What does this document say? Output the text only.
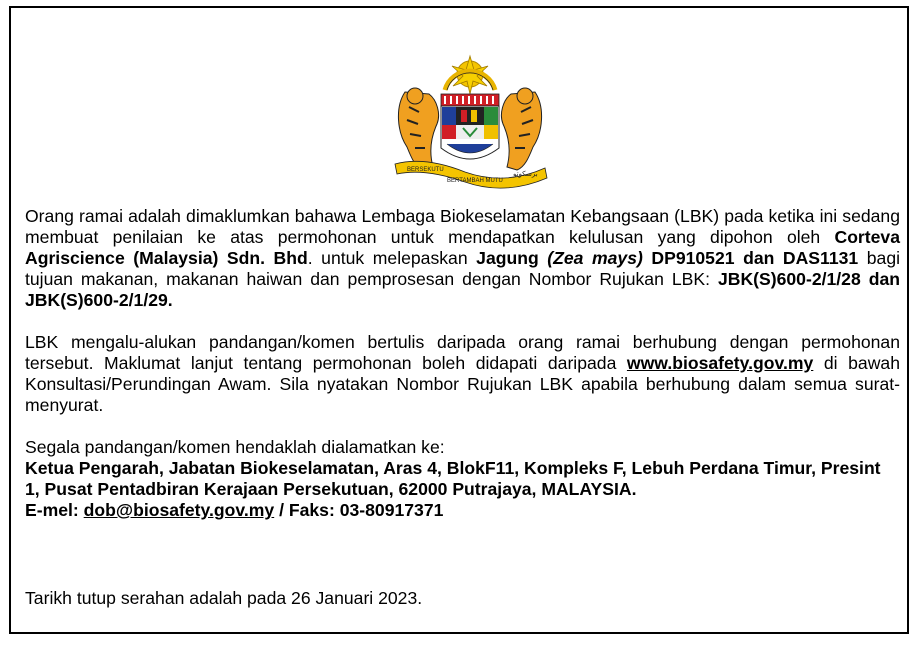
BERSEKUTU
BERTAMBAH MUTU
ﺑﺮﺳﻜﻮﺗﻮ

Orang ramai adalah dimaklumkan bahawa Lembaga Biokeselamatan Kebangsaan (LBK) pada ketika ini sedang membuat penilaian ke atas permohonan untuk mendapatkan kelulusan yang dipohon oleh Corteva Agriscience (Malaysia) Sdn. Bhd. untuk melepaskan Jagung (Zea mays) DP910521 dan DAS1131 bagi tujuan makanan, makanan haiwan dan pemprosesan dengan Nombor Rujukan LBK: JBK(S)600-2/1/28 dan JBK(S)600-2/1/29.

LBK mengalu-alukan pandangan/komen bertulis daripada orang ramai berhubung dengan permohonan tersebut. Maklumat lanjut tentang permohonan boleh didapati daripada www.biosafety.gov.my di bawah Konsultasi/Perundingan Awam. Sila nyatakan Nombor Rujukan LBK apabila berhubung dalam semua surat-menyurat.

Segala pandangan/komen hendaklah dialamatkan ke:
Ketua Pengarah, Jabatan Biokeselamatan, Aras 4, BlokF11, Kompleks F, Lebuh Perdana Timur, Presint 1, Pusat Pentadbiran Kerajaan Persekutuan, 62000 Putrajaya, MALAYSIA.
E-mel: dob@biosafety.gov.my / Faks: 03-80917371

Tarikh tutup serahan adalah pada 26 Januari 2023.
